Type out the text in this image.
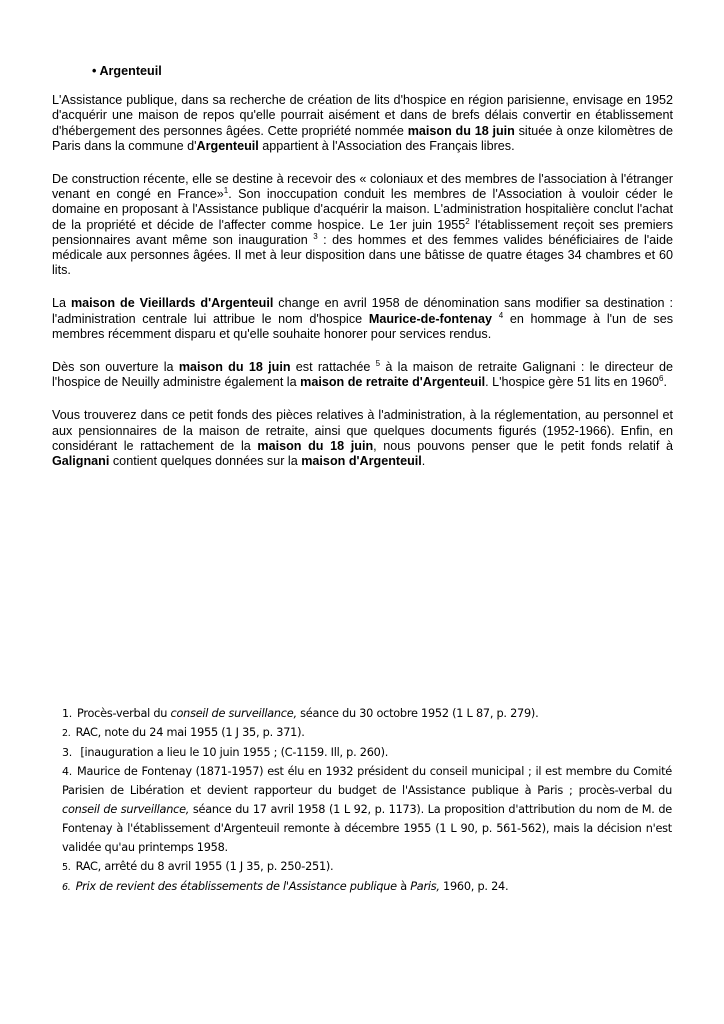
• Argenteuil

L'Assistance publique, dans sa recherche de création de lits d'hospice en région parisienne, envisage en 1952 d'acquérir une maison de repos qu'elle pourrait aisément et dans de brefs délais convertir en établissement d'hébergement des personnes âgées. Cette propriété nommée maison du 18 juin située à onze kilomètres de Paris dans la commune d'Argenteuil appartient à l'Association des Français libres.

De construction récente, elle se destine à recevoir des « coloniaux et des membres de l'association à l'étranger venant en congé en France»$^1$. Son inoccupation conduit les membres de l'Association à vouloir céder le domaine en proposant à l'Assistance publique d'acquérir la maison. L'administration hospitalière conclut l'achat de la propriété et décide de l'affecter comme hospice. Le 1er juin 1955$^2$ l'établissement reçoit ses premiers pensionnaires avant même son inauguration $^3$ : des hommes et des femmes valides bénéficiaires de l'aide médicale aux personnes âgées. Il met à leur disposition dans une bâtisse de quatre étages 34 chambres et 60 lits.

La maison de Vieillards d'Argenteuil change en avril 1958 de dénomination sans modifier sa destination : l'administration centrale lui attribue le nom d'hospice Maurice-de-fontenay $^4$ en hommage à l'un de ses membres récemment disparu et qu'elle souhaite honorer pour services rendus.

Dès son ouverture la maison du 18 juin est rattachée $^5$ à la maison de retraite Galignani : le directeur de l'hospice de Neuilly administre également la maison de retraite d'Argenteuil. L'hospice gère 51 lits en 1960$^6$.

Vous trouverez dans ce petit fonds des pièces relatives à l'administration, à la réglementation, au personnel et aux pensionnaires de la maison de retraite, ainsi que quelques documents figurés (1952-1966). Enfin, en considérant le rattachement de la maison du 18 juin, nous pouvons penser que le petit fonds relatif à Galignani contient quelques données sur la maison d'Argenteuil.

1. Procès-verbal du conseil de surveillance, séance du 30 octobre 1952 (1 L 87, p. 279).

2. RAC, note du 24 mai 1955 (1 J 35, p. 371).

3. [inauguration a lieu le 10 juin 1955 ; (C-1159. Ill, p. 260).

4. Maurice de Fontenay (1871-1957) est élu en 1932 président du conseil municipal ; il est membre du Comité Parisien de Libération et devient rapporteur du budget de l'Assistance publique à Paris ; procès-verbal du conseil de surveillance, séance du 17 avril 1958 (1 L 92, p. 1173). La proposition d'attribution du nom de M. de Fontenay à l'établissement d'Argenteuil remonte à décembre 1955 (1 L 90, p. 561-562), mais la décision n'est validée qu'au printemps 1958.

5. RAC, arrêté du 8 avril 1955 (1 J 35, p. 250-251).

6. Prix de revient des établissements de l'Assistance publique à Paris, 1960, p. 24.
